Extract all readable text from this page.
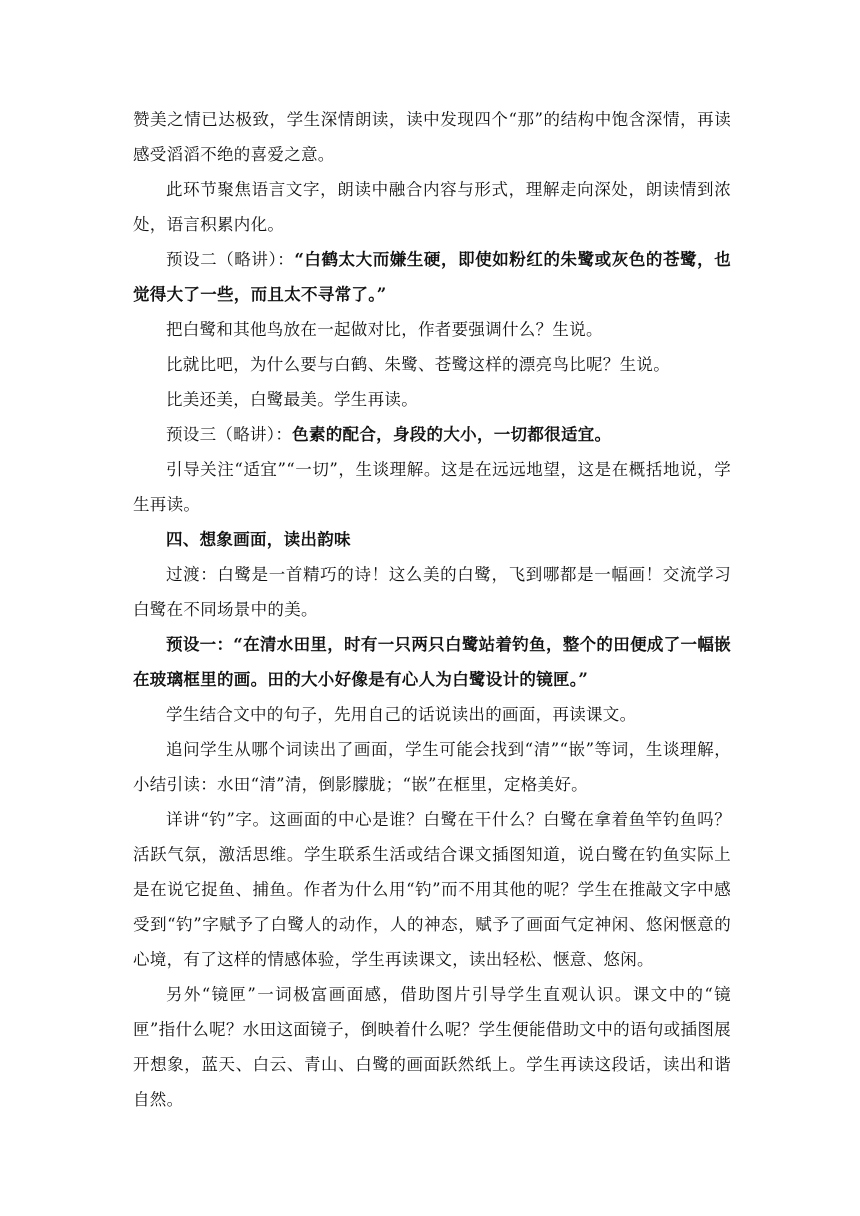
赞美之情已达极致，学生深情朗读，读中发现四个“那”的结构中饱含深情，再读感受滔滔不绝的喜爱之意。

此环节聚焦语言文字，朗读中融合内容与形式，理解走向深处，朗读情到浓处，语言积累内化。

预设二（略讲）：“白鹤太大而嫌生硬，即使如粉红的朱鹭或灰色的苍鹭，也觉得大了一些，而且太不寻常了。”

把白鹭和其他鸟放在一起做对比，作者要强调什么？生说。

比就比吧，为什么要与白鹤、朱鹭、苍鹭这样的漂亮鸟比呢？生说。

比美还美，白鹭最美。学生再读。

预设三（略讲）：色素的配合，身段的大小，一切都很适宜。

引导关注“适宜”“一切”，生谈理解。这是在远远地望，这是在概括地说，学生再读。

四、想象画面，读出韵味

过渡：白鹭是一首精巧的诗！这么美的白鹭，飞到哪都是一幅画！交流学习白鹭在不同场景中的美。

预设一：“在清水田里，时有一只两只白鹭站着钓鱼，整个的田便成了一幅嵌在玻璃框里的画。田的大小好像是有心人为白鹭设计的镜匣。”

学生结合文中的句子，先用自己的话说读出的画面，再读课文。

追问学生从哪个词读出了画面，学生可能会找到“清”“嵌”等词，生谈理解，小结引读：水田“清”清，倒影朦胧；“嵌”在框里，定格美好。

详讲“钓”字。这画面的中心是谁？白鹭在干什么？白鹭在拿着鱼竿钓鱼吗？活跃气氛，激活思维。学生联系生活或结合课文插图知道，说白鹭在钓鱼实际上是在说它捉鱼、捕鱼。作者为什么用“钓”而不用其他的呢？学生在推敲文字中感受到“钓”字赋予了白鹭人的动作，人的神态，赋予了画面气定神闲、悠闲惬意的心境，有了这样的情感体验，学生再读课文，读出轻松、惬意、悠闲。

另外“镜匣”一词极富画面感，借助图片引导学生直观认识。课文中的“镜匣”指什么呢？水田这面镜子，倒映着什么呢？学生便能借助文中的语句或插图展开想象，蓝天、白云、青山、白鹭的画面跃然纸上。学生再读这段话，读出和谐自然。
